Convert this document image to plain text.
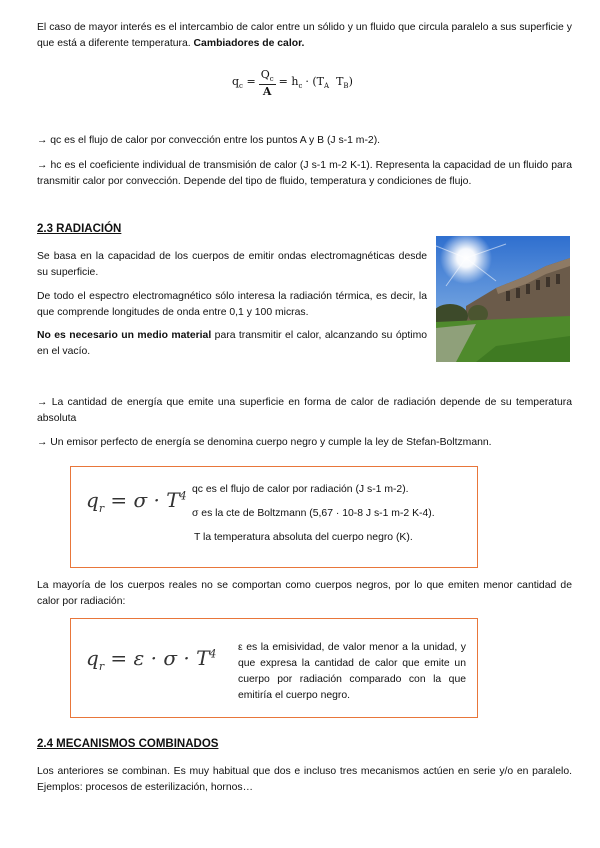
El caso de mayor interés es el intercambio de calor entre un sólido y un fluido que circula paralelo a sus superficie y que está a diferente temperatura. Cambiadores de calor.
$q_c = \frac{Q_c}{A} = h_c \cdot (T_A$ $T_B$)
→ qc es el flujo de calor por convección entre los puntos A y B (J s-1 m-2).
→ hc es el coeficiente individual de transmisión de calor (J s-1 m-2 K-1). Representa la capacidad de un fluido para transmitir calor por convección. Depende del tipo de fluido, temperatura y condiciones de flujo.
2.3 RADIACIÓN
Se basa en la capacidad de los cuerpos de emitir ondas electromagnéticas desde su superficie.
De todo el espectro electromagnético sólo interesa la radiación térmica, es decir, la que comprende longitudes de onda entre 0,1 y 100 micras.
No es necesario un medio material para transmitir el calor, alcanzando su óptimo en el vacío.
→ La cantidad de energía que emite una superficie en forma de calor de radiación depende de su temperatura absoluta
→ Un emisor perfecto de energía se denomina cuerpo negro y cumple la ley de Stefan-Boltzmann.
$q_r = \sigma \cdot T^4$ qc es el flujo de calor por radiación (J s-1 m-2).
σ es la cte de Boltzmann (5,67 · 10-8 J s-1 m-2 K-4).
T la temperatura absoluta del cuerpo negro (K).
La mayoría de los cuerpos reales no se comportan como cuerpos negros, por lo que emiten menor cantidad de calor por radiación:
$q_r = \varepsilon \cdot \sigma \cdot T^4$ ε es la emisividad, de valor menor a la unidad, y que expresa la cantidad de calor que emite un cuerpo por radiación comparado con la que emitiría el cuerpo negro.
2.4 MECANISMOS COMBINADOS
Los anteriores se combinan. Es muy habitual que dos e incluso tres mecanismos actúen en serie y/o en paralelo. Ejemplos: procesos de esterilización, hornos…
